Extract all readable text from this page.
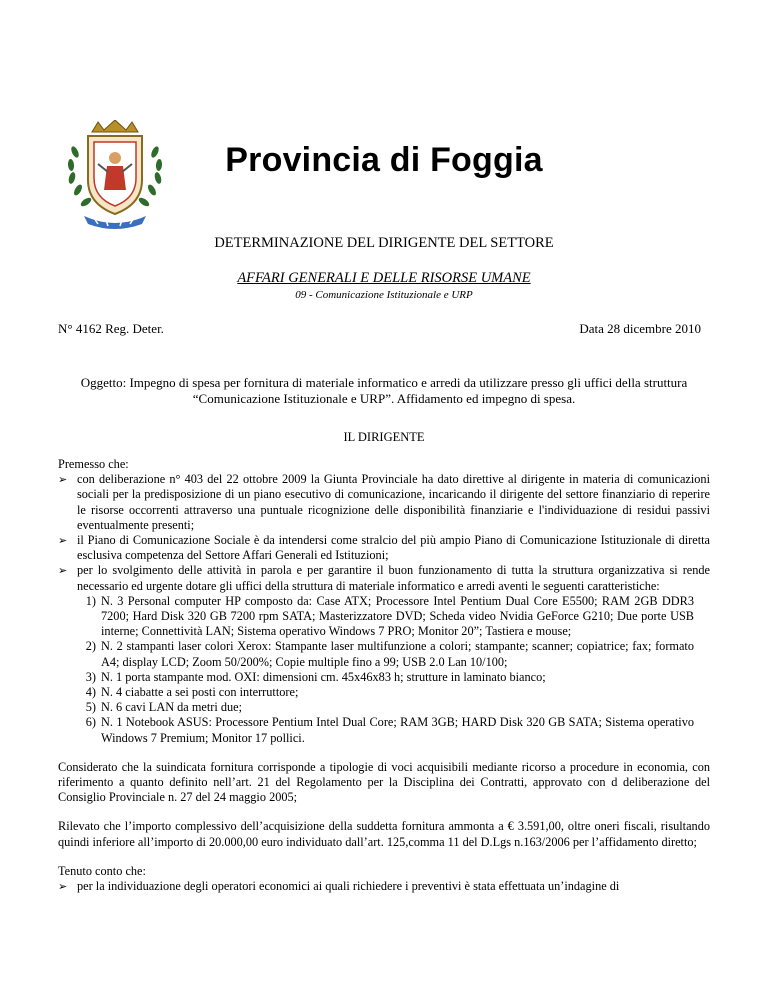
Provincia di Foggia
DETERMINAZIONE DEL DIRIGENTE DEL SETTORE
AFFARI GENERALI E DELLE RISORSE UMANE
09 - Comunicazione Istituzionale e URP
N° 4162 Reg. Deter.	Data 28 dicembre 2010
Oggetto: Impegno di spesa per fornitura di materiale informatico e arredi da utilizzare presso gli uffici della struttura
“Comunicazione Istituzionale e URP”. Affidamento ed impegno di spesa.
IL DIRIGENTE

Premesso che:

➢ con deliberazione n° 403 del 22 ottobre 2009 la Giunta Provinciale ha dato direttive al dirigente in materia di comunicazioni sociali per la predisposizione di un piano esecutivo di comunicazione, incaricando il dirigente del settore finanziario di reperire le risorse occorrenti attraverso una puntuale ricognizione delle disponibilità finanziarie e l'individuazione di residui passivi eventualmente presenti;
➢ il Piano di Comunicazione Sociale è da intendersi come stralcio del più ampio Piano di Comunicazione Istituzionale di diretta esclusiva competenza del Settore Affari Generali ed Istituzioni;
➢ per lo svolgimento delle attività in parola e per garantire il buon funzionamento di tutta la struttura organizzativa si rende necessario ed urgente dotare gli uffici della struttura di materiale informatico e arredi aventi le seguenti caratteristiche:
1) N. 3 Personal computer HP composto da: Case ATX; Processore Intel Pentium Dual Core E5500; RAM 2GB DDR3 7200; Hard Disk 320 GB 7200 rpm SATA; Masterizzatore DVD; Scheda video Nvidia GeForce G210; Due porte USB interne; Connettività LAN; Sistema operativo Windows 7 PRO; Monitor 20”; Tastiera e mouse;
2) N. 2 stampanti laser colori Xerox: Stampante laser multifunzione a colori; stampante; scanner; copiatrice; fax; formato A4; display LCD; Zoom 50/200%; Copie multiple fino a 99; USB 2.0 Lan 10/100;
3) N. 1 porta stampante mod. OXI: dimensioni cm. 45x46x83 h; strutture in laminato bianco;
4) N. 4 ciabatte a sei posti con interruttore;
5) N. 6 cavi LAN da metri due;
6) N. 1 Notebook ASUS: Processore Pentium Intel Dual Core; RAM 3GB; HARD Disk 320 GB SATA; Sistema operativo Windows 7 Premium; Monitor 17 pollici.

Considerato che la suindicata fornitura corrisponde a tipologie di voci acquisibili mediante ricorso a procedure in economia, con riferimento a quanto definito nell’art. 21 del Regolamento per la Disciplina dei Contratti, approvato con d deliberazione del Consiglio Provinciale n. 27 del 24 maggio 2005;

Rilevato che l’importo complessivo dell’acquisizione della suddetta fornitura ammonta a € 3.591,00, oltre oneri fiscali, risultando quindi inferiore all’importo di 20.000,00 euro individuato dall’art. 125,comma 11 del D.Lgs n.163/2006 per l’affidamento diretto;

Tenuto conto che:

➢ per la individuazione degli operatori economici ai quali richiedere i preventivi è stata effettuata un’indagine di
